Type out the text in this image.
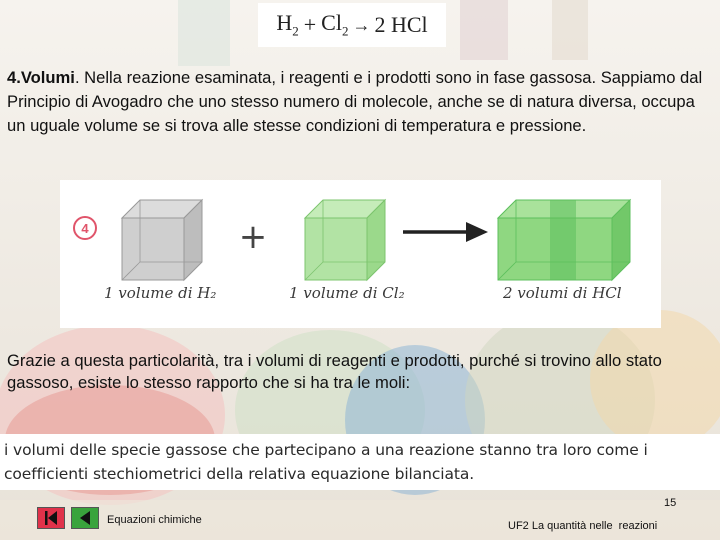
$H_2 + Cl_2 \to 2$ HCl
4.Volumi. Nella reazione esaminata, i reagenti e i prodotti sono in fase gassosa. Sappiamo dal Principio di Avogadro che uno stesso numero di molecole, anche se di natura diversa, occupa un uguale volume se si trova alle stesse condizioni di temperatura e pressione.
4	+
1 volume di H₂	1 volume di Cl₂	2 volumi di HCl
Grazie a questa particolarità, tra i volumi di reagenti e prodotti, purché si trovino allo stato gassoso, esiste lo stesso rapporto che si ha tra le moli:
i volumi delle specie gassose che partecipano a una reazione stanno tra loro come i coefficienti stechiometrici della relativa equazione bilanciata.
15
Equazioni chimiche	UF2 La quantità nelle  reazioni
